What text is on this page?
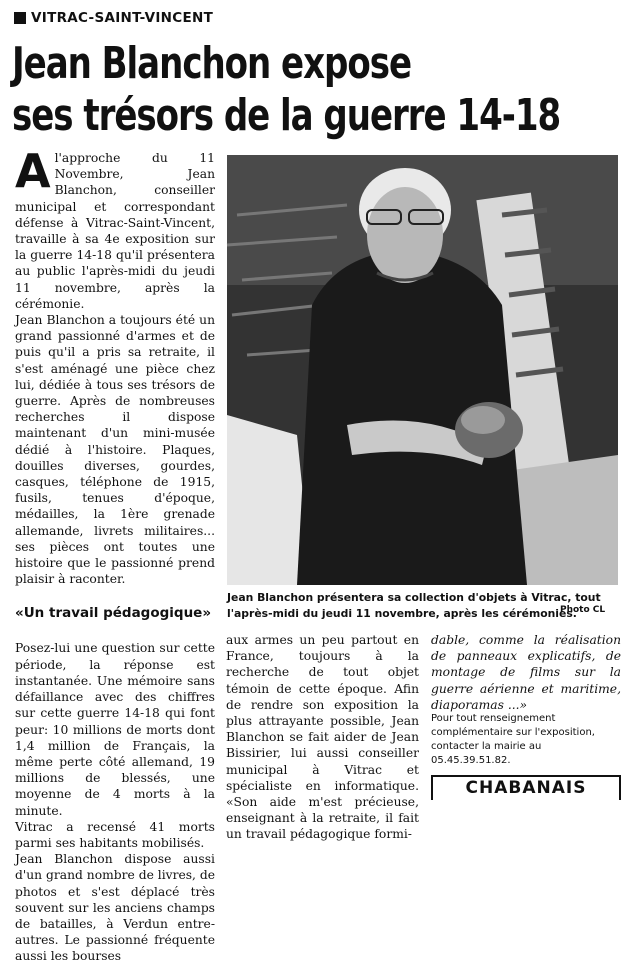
VITRAC-SAINT-VINCENT
Jean Blanchon expose
ses trésors de la guerre 14-18

Al'approche du 11 Novembre, Jean Blanchon, conseiller municipal et correspondant défense à Vitrac-Saint-Vincent, travaille à sa 4e exposition sur la guerre 14-18 qu'il présentera au public l'après-midi du jeudi 11 novembre, après la cérémonie.

Jean Blanchon a toujours été un grand passionné d'armes et de puis qu'il a pris sa retraite, il s'est aménagé une pièce chez lui, dédiée à tous ses trésors de guerre. Après de nombreuses recherches il dispose maintenant d'un mini-musée dédié à l'histoire. Plaques, douilles diverses, gourdes, casques, téléphone de 1915, fusils, tenues d'époque, médailles, la 1ère grenade allemande, livrets militaires... ses pièces ont toutes une histoire que le passionné prend plaisir à raconter.

«Un travail pédagogique»

Posez-lui une question sur cette période, la réponse est instantanée. Une mémoire sans défaillance avec des chiffres sur cette guerre 14-18 qui font peur: 10 millions de morts dont 1,4 million de Français, la même perte côté allemand, 19 millions de blessés, une moyenne de 4 morts à la minute.

Vitrac a recensé 41 morts parmi ses habitants mobilisés.

Jean Blanchon dispose aussi d'un grand nombre de livres, de photos et s'est déplacé très souvent sur les anciens champs de batailles, à Verdun entre-autres. Le passionné fréquente aussi les bourses

Jean Blanchon présentera sa collection d'objets à Vitrac, tout l'après-midi du jeudi 11 novembre, après les cérémonies.
Photo CL

aux armes un peu partout en France, toujours à la recherche de tout objet témoin de cette époque. Afin de rendre son exposition la plus attrayante possible, Jean Blanchon se fait aider de Jean Bissirier, lui aussi conseiller municipal à Vitrac et spécialiste en informatique. «Son aide m'est précieuse, enseignant à la retraite, il fait un travail pédagogique formi-

dable, comme la réalisation de panneaux explicatifs, de montage de films sur la guerre aérienne et maritime, diaporamas ...»

Pour tout renseignement complémentaire sur l'exposition, contacter la mairie au 05.45.39.51.82.
CHABANAIS
